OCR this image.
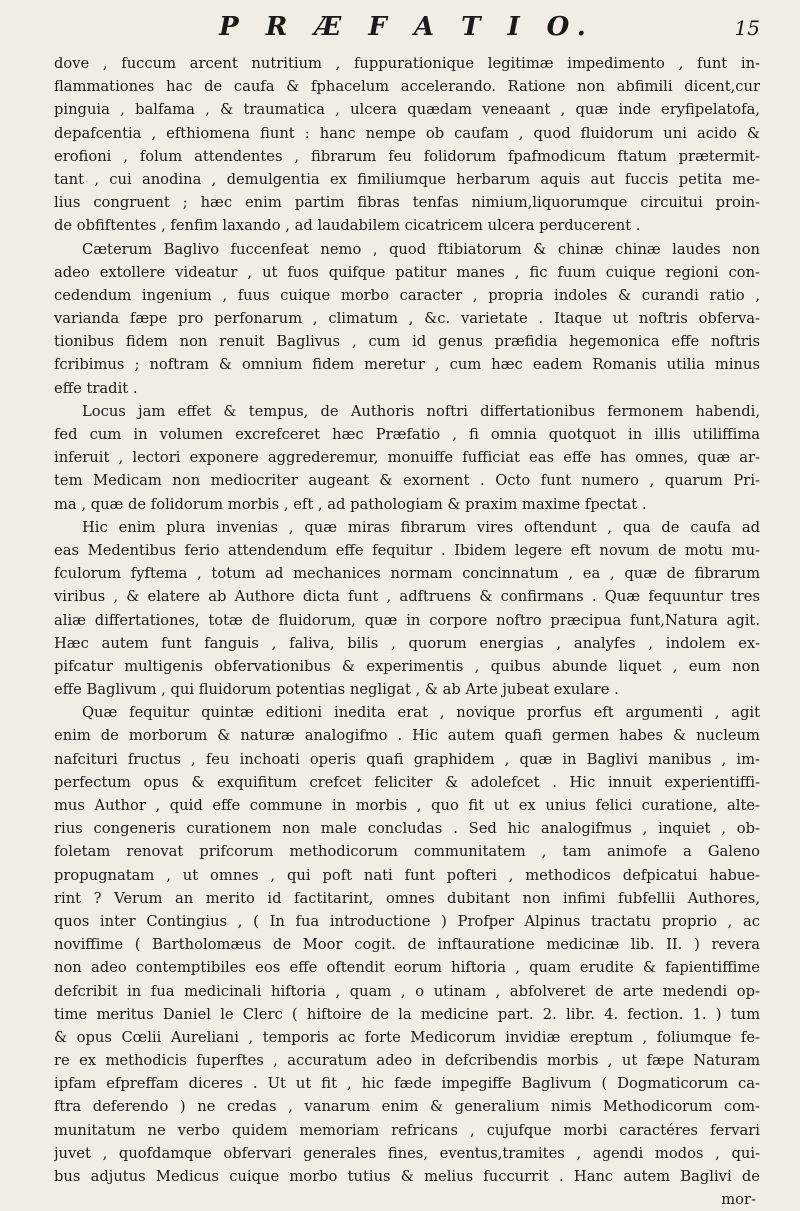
P R Æ F A T I O.	15
dove , fuccum arcent nutritium , fuppurationique legitimæ impedimento , funt in-
flammationes hac de caufa & fphacelum accelerando. Ratione non abfimili dicent,cur
pinguia , balfama , & traumatica , ulcera quædam veneaant , quæ inde eryfipelatofa,
depafcentia , efthiomena fiunt : hanc nempe ob caufam , quod fluidorum uni acido &
erofioni , folum attendentes , fibrarum feu folidorum fpafmodicum ftatum prætermit-
tant , cui anodina , demulgentia ex fimiliumque herbarum aquis aut fuccis petita me-
lius congruent ; hæc enim partim fibras tenfas nimium,liquorumque circuitui proin-
de obfiftentes , fenfim laxando , ad laudabilem cicatricem ulcera perducerent .
Cæterum Baglivo fuccenfeat nemo , quod ftibiatorum & chinæ chinæ laudes non
adeo extollere videatur , ut fuos quifque patitur manes , fic fuum cuique regioni con-
cedendum ingenium , fuus cuique morbo caracter , propria indoles & curandi ratio ,
varianda fæpe pro perfonarum , climatum , &c. varietate . Itaque ut noftris obferva-
tionibus fidem non renuit Baglivus , cum id genus præfidia hegemonica effe noftris
fcribimus ; noftram & omnium fidem meretur , cum hæc eadem Romanis utilia minus
effe tradit .
Locus jam effet & tempus, de Authoris noftri differtationibus fermonem habendi,
fed cum in volumen excrefceret hæc Præfatio , fi omnia quotquot in illis utiliffima
inferuit , lectori exponere aggrederemur, monuiffe fufficiat eas effe has omnes, quæ ar-
tem Medicam non mediocriter augeant & exornent . Octo funt numero , quarum Pri-
ma , quæ de folidorum morbis , eft , ad pathologiam & praxim maxime fpectat .
Hic enim plura invenias , quæ miras fibrarum vires oftendunt , qua de caufa ad
eas Medentibus ferio attendendum effe fequitur . Ibidem legere eft novum de motu mu-
fculorum fyftema , totum ad mechanices normam concinnatum , ea , quæ de fibrarum
viribus , & elatere ab Authore dicta funt , adftruens & confirmans . Quæ fequuntur tres
aliæ differtationes, totæ de fluidorum, quæ in corpore noftro præcipua funt,Natura agit.
Hæc autem funt fanguis , faliva, bilis , quorum energias , analyfes , indolem ex-
pifcatur multigenis obfervationibus & experimentis , quibus abunde liquet , eum non
effe Baglivum , qui fluidorum potentias negligat , & ab Arte jubeat exulare .
Quæ fequitur quintæ editioni inedita erat , novique prorfus eft argumenti , agit
enim de morborum & naturæ analogifmo . Hic autem quafi germen habes & nucleum
nafcituri fructus , feu inchoati operis quafi graphidem , quæ in Baglivi manibus , im-
perfectum opus & exquifitum crefcet feliciter & adolefcet . Hic innuit experientiffi-
mus Author , quid effe commune in morbis , quo fit ut ex unius felici curatione, alte-
rius congeneris curationem non male concludas . Sed hic analogifmus , inquiet , ob-
foletam renovat prifcorum methodicorum communitatem , tam animofe a Galeno
propugnatam , ut omnes , qui poft nati funt pofteri , methodicos defpicatui habue-
rint ? Verum an merito id factitarint, omnes dubitant non infimi fubfellii Authores,
quos inter Contingius , ( In fua introductione ) Profper Alpinus tractatu proprio , ac
noviffime ( Bartholomæus de Moor cogit. de inftauratione medicinæ lib. II. ) revera
non adeo contemptibiles eos effe oftendit eorum hiftoria , quam erudite & fapientiffime
defcribit in fua medicinali hiftoria , quam , o utinam , abfolveret de arte medendi op-
time meritus Daniel le Clerc ( hiftoire de la medicine part. 2. libr. 4. fection. 1. ) tum
& opus Cœlii Aureliani , temporis ac forte Medicorum invidiæ ereptum , foliumque fe-
re ex methodicis fuperftes , accuratum adeo in defcribendis morbis , ut fæpe Naturam
ipfam efpreffam diceres . Ut ut fit , hic fæde impegiffe Baglivum ( Dogmaticorum ca-
ftra deferendo ) ne credas , vanarum enim & generalium nimis Methodicorum com-
munitatum ne verbo quidem memoriam refricans , cujufque morbi caractéres fervari
juvet , quofdamque obfervari generales fines, eventus,tramites , agendi modos , qui-
bus adjutus Medicus cuique morbo tutius & melius fuccurrit . Hanc autem Baglivi de
mor-
